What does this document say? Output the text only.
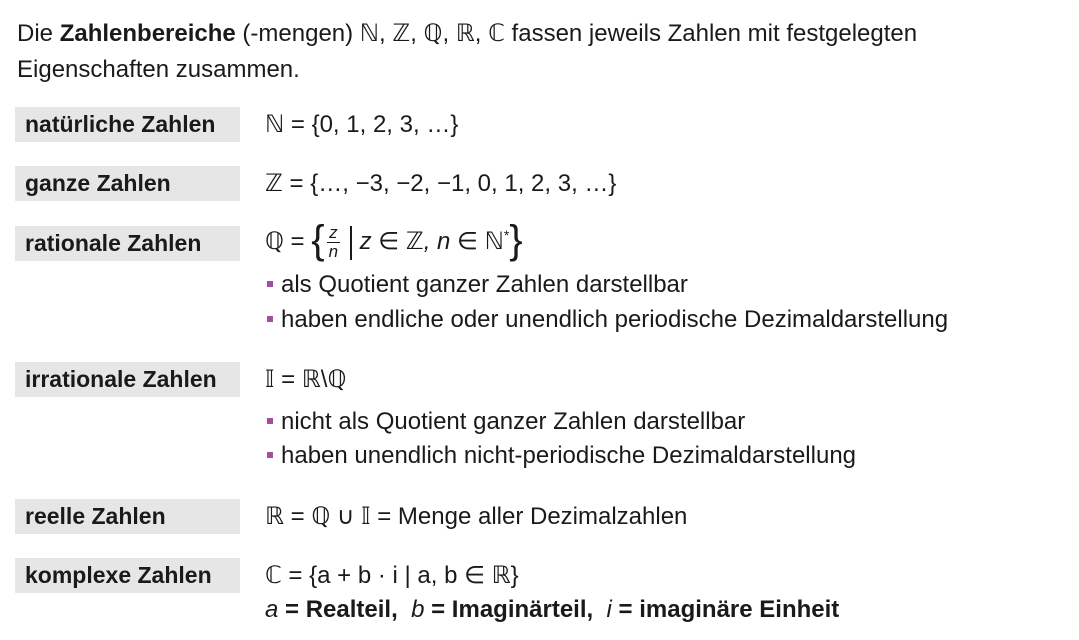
Die Zahlenbereiche (-mengen) ℕ, ℤ, ℚ, ℝ, ℂ fassen jeweils Zahlen mit festgelegten Eigenschaften zusammen.

natürliche Zahlen	ℕ = {0, 1, 2, 3, …}
ganze Zahlen	ℤ = {…, −3, −2, −1, 0, 1, 2, 3, …}
rationale Zahlen	ℚ = { $\frac{z}{n}$ z ∈ ℤ, n ∈ ℕ*}
als Quotient ganzer Zahlen darstellbar
haben endliche oder unendlich periodische Dezimaldarstellung
irrationale Zahlen	𝕀 = ℝ\ℚ
nicht als Quotient ganzer Zahlen darstellbar
haben unendlich nicht-periodische Dezimaldarstellung
reelle Zahlen	ℝ = ℚ ∪ 𝕀 = Menge aller Dezimalzahlen
komplexe Zahlen	ℂ = {a + b · i | a, b ∈ ℝ}
a = Realteil, b = Imaginärteil, i = imaginäre Einheit
